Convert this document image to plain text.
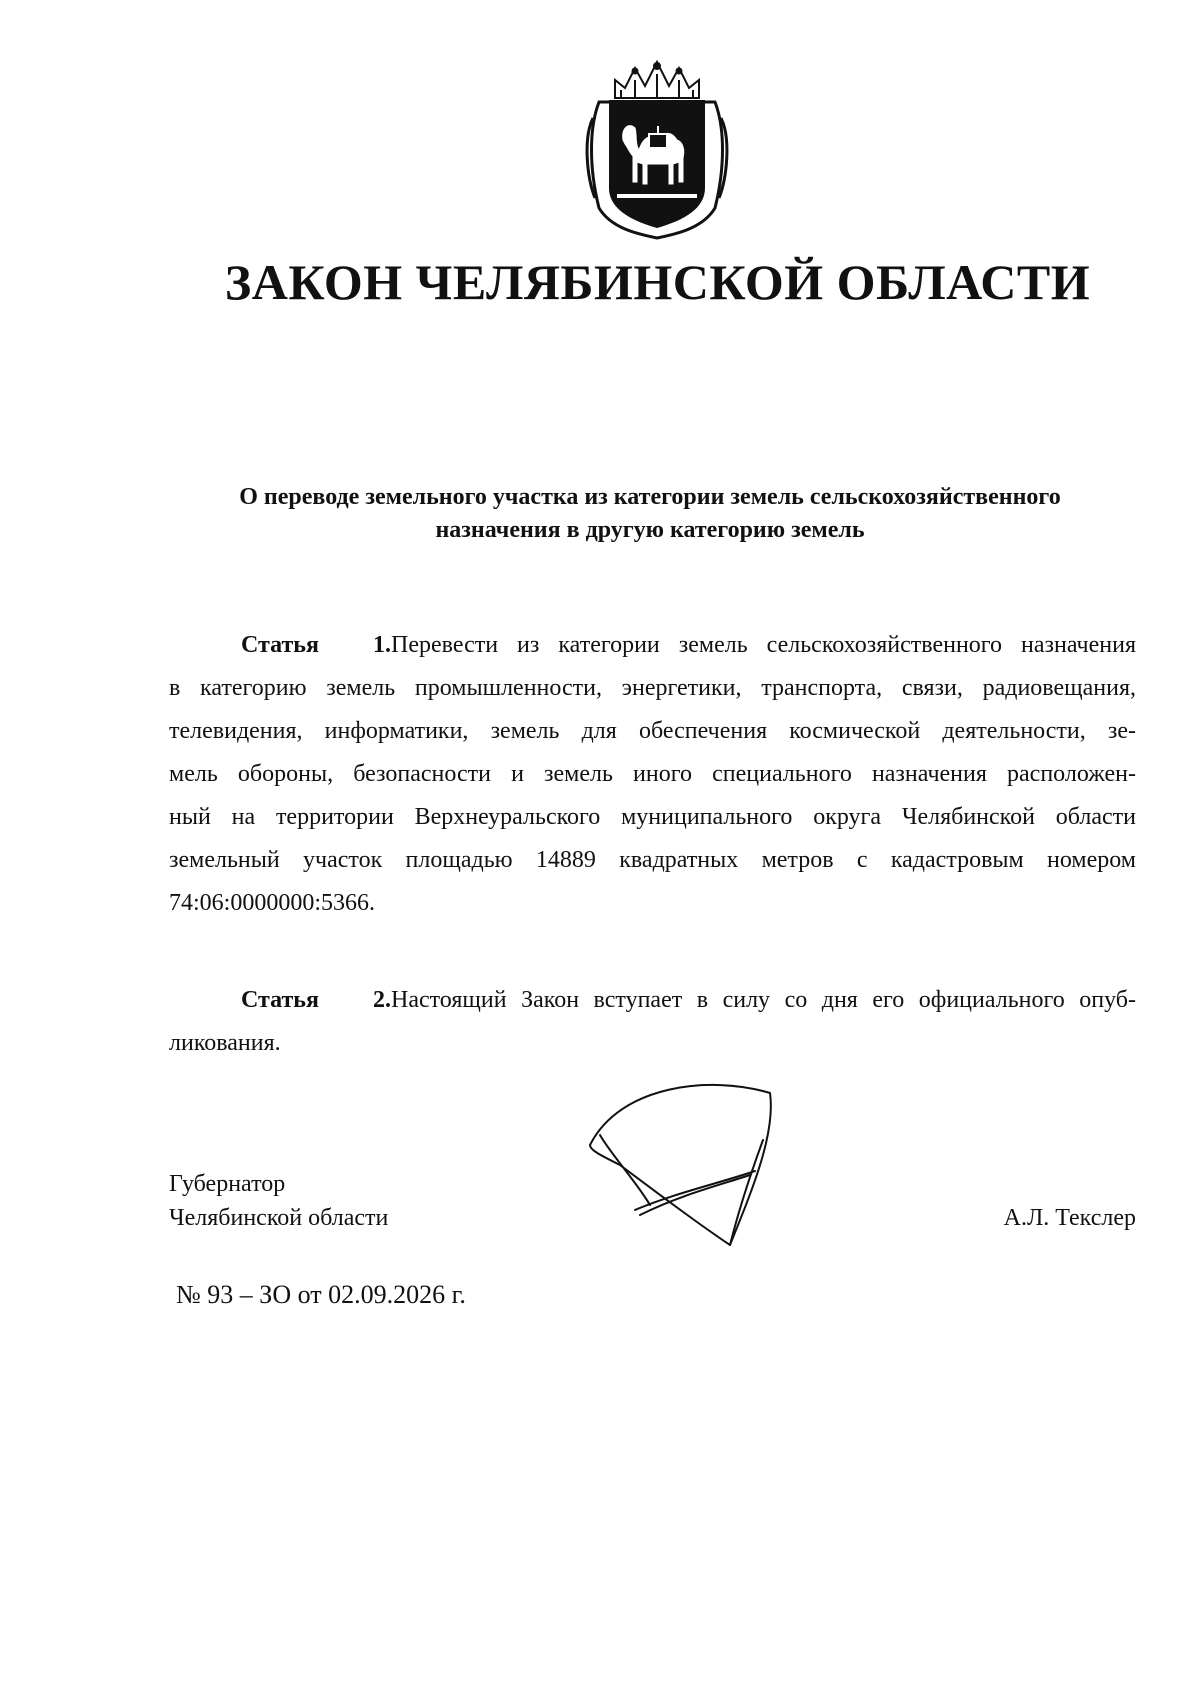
ЗАКОН ЧЕЛЯБИНСКОЙ ОБЛАСТИ
О переводе земельного участка из категории земель сельскохозяйственного
назначения в другую категорию земель
Статья 1.Перевести из категории земель сельскохозяйственного назначения
в категорию земель промышленности, энергетики, транспорта, связи, радиовещания,
телевидения, информатики, земель для обеспечения космической деятельности, зе-
мель обороны, безопасности и земель иного специального назначения расположен-
ный на территории Верхнеуральского муниципального округа Челябинской области
земельный участок площадью 14889 квадратных метров с кадастровым номером
74:06:0000000:5366.
Статья 2.Настоящий Закон вступает в силу со дня его официального опуб-
ликования.
Губернатор
Челябинской области	А.Л. Текслер
№ 93 – ЗО от 02.09.2026 г.
